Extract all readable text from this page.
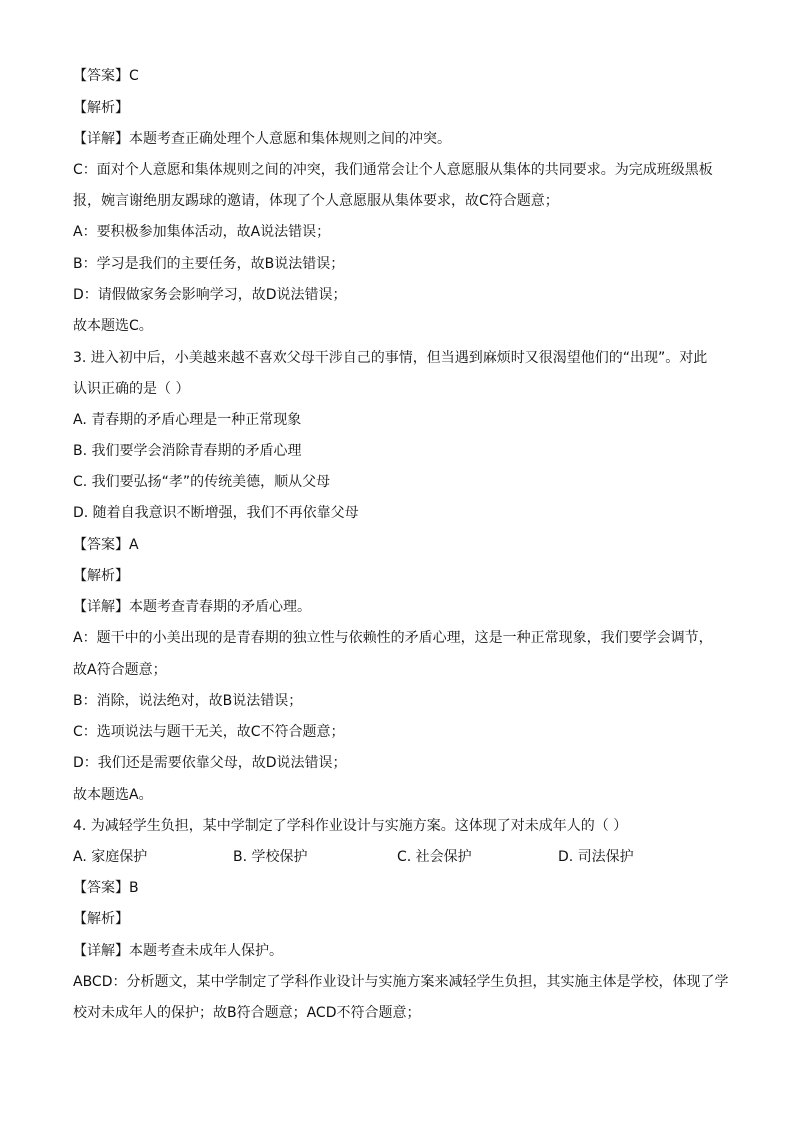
【答案】C
【解析】
【详解】本题考查正确处理个人意愿和集体规则之间的冲突。
C：面对个人意愿和集体规则之间的冲突，我们通常会让个人意愿服从集体的共同要求。为完成班级黑板
报，婉言谢绝朋友踢球的邀请，体现了个人意愿服从集体要求，故C符合题意；
A：要积极参加集体活动，故A说法错误；
B：学习是我们的主要任务，故B说法错误；
D：请假做家务会影响学习，故D说法错误；
故本题选C。
3. 进入初中后，小美越来越不喜欢父母干涉自己的事情，但当遇到麻烦时又很渴望他们的“出现”。对此
认识正确的是（ ）
A. 青春期的矛盾心理是一种正常现象
B. 我们要学会消除青春期的矛盾心理
C. 我们要弘扬“孝”的传统美德，顺从父母
D. 随着自我意识不断增强，我们不再依靠父母
【答案】A
【解析】
【详解】本题考查青春期的矛盾心理。
A：题干中的小美出现的是青春期的独立性与依赖性的矛盾心理，这是一种正常现象，我们要学会调节，
故A符合题意；
B：消除，说法绝对，故B说法错误；
C：选项说法与题干无关，故C不符合题意；
D：我们还是需要依靠父母，故D说法错误；
故本题选A。
4. 为减轻学生负担，某中学制定了学科作业设计与实施方案。这体现了对未成年人的（ ）
A. 家庭保护	B. 学校保护	C. 社会保护	D. 司法保护
【答案】B
【解析】
【详解】本题考查未成年人保护。
ABCD：分析题文，某中学制定了学科作业设计与实施方案来减轻学生负担，其实施主体是学校，体现了学
校对未成年人的保护；故B符合题意；ACD不符合题意；
